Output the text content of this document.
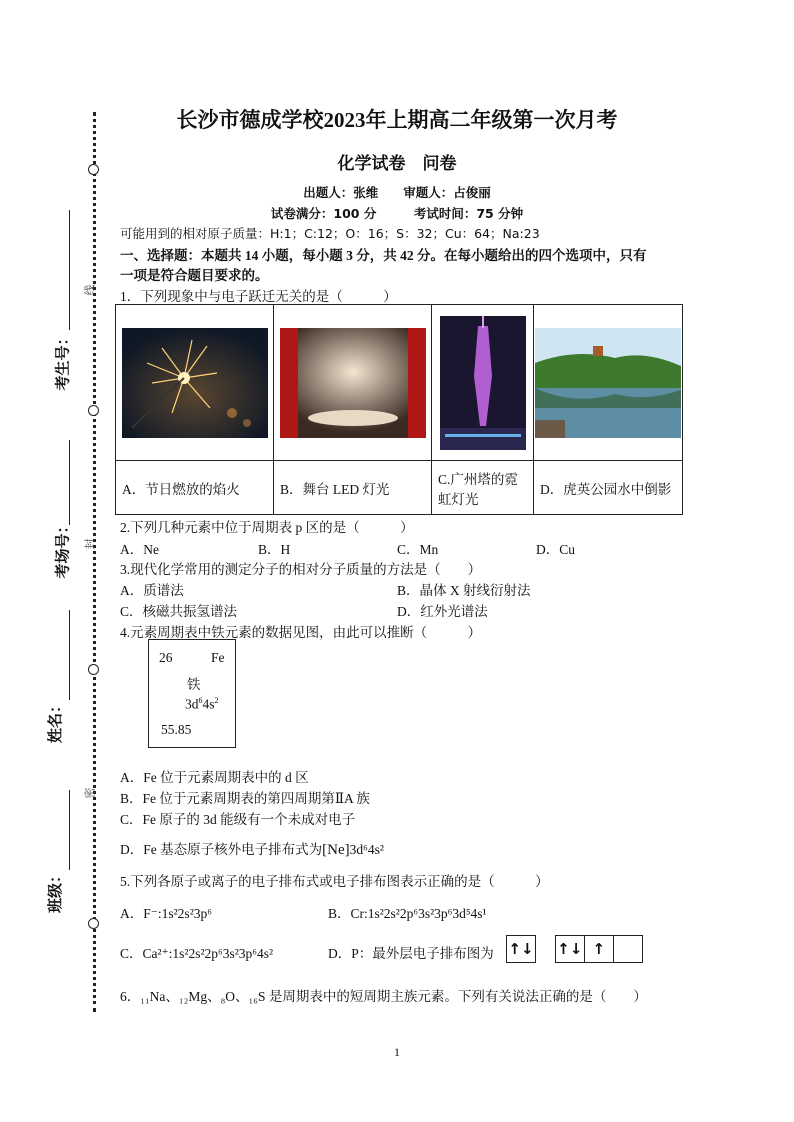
线
封
密
考生号：
考场号：
姓名：
班级：
长沙市德成学校2023年上期高二年级第一次月考
化学试卷　问卷
出题人：张维　　审题人：占俊丽
试卷满分：100 分　　　考试时间：75 分钟
可能用到的相对原子质量：H:1；C:12；O：16；S：32；Cu：64；Na:23
一、选择题：本题共 14 小题，每小题 3 分，共 42 分。在每小题给出的四个选项中，只有
一项是符合题目要求的。
1．下列现象中与电子跃迁无关的是（　　　）

A．节日燃放的焰火	B．舞台 LED 灯光	C.广州塔的霓
虹灯光	D．虎英公园水中倒影
2.下列几种元素中位于周期表 p 区的是（　　　）
A．Ne	B．H	C．Mn	D．Cu
3.现代化学常用的测定分子的相对分子质量的方法是（　　）
A．质谱法	B．晶体 X 射线衍射法
C．核磁共振氢谱法	D．红外光谱法
4.元素周期表中铁元素的数据见图，由此可以推断（　　　）
26	Fe
铁
$3d^64s^2$
55.85
A．Fe 位于元素周期表中的 d 区
B．Fe 位于元素周期表的第四周期第ⅡA 族
C．Fe 原子的 3d 能级有一个未成对电子
D．Fe 基态原子核外电子排布式为[Ne]3d⁶4s²
5.下列各原子或离子的电子排布式或电子排布图表示正确的是（　　　）
A．F⁻:1s²2s²3p⁶	B．Cr:1s²2s²2p⁶3s²3p⁶3d⁵4s¹
C．Ca²⁺:1s²2s²2p⁶3s²3p⁶4s²	D．P：最外层电子排布图为 ↑↓ ↑↓ ↑
6．₁₁Na、₁₂Mg、₈O、₁₆S 是周期表中的短周期主族元素。下列有关说法正确的是（　　）
1
